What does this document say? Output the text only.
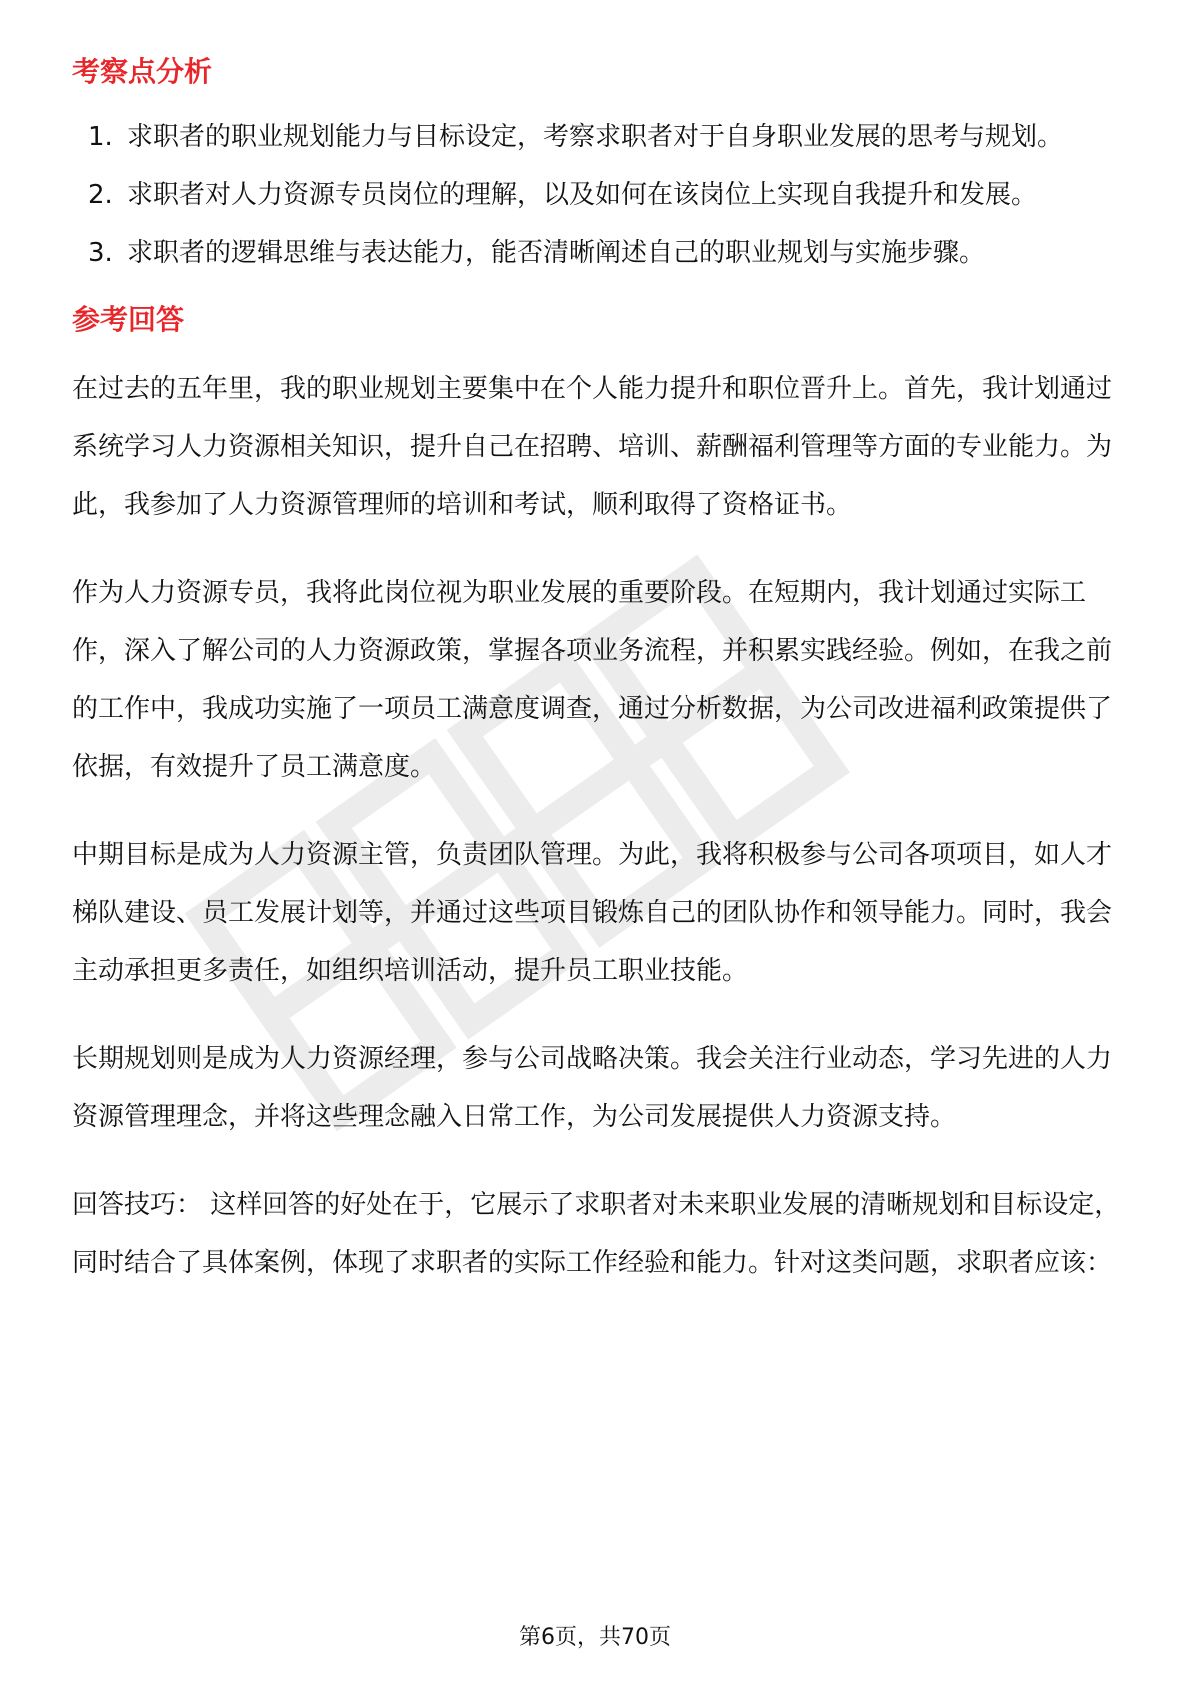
考察点分析
1. 求职者的职业规划能力与目标设定，考察求职者对于自身职业发展的思考与规划。
2. 求职者对人力资源专员岗位的理解，以及如何在该岗位上实现自我提升和发展。
3. 求职者的逻辑思维与表达能力，能否清晰阐述自己的职业规划与实施步骤。
参考回答

在过去的五年里，我的职业规划主要集中在个人能力提升和职位晋升上。首先，我计划通过系统学习人力资源相关知识，提升自己在招聘、培训、薪酬福利管理等方面的专业能力。为此，我参加了人力资源管理师的培训和考试，顺利取得了资格证书。

作为人力资源专员，我将此岗位视为职业发展的重要阶段。在短期内，我计划通过实际工作，深入了解公司的人力资源政策，掌握各项业务流程，并积累实践经验。例如，在我之前的工作中，我成功实施了一项员工满意度调查，通过分析数据，为公司改进福利政策提供了依据，有效提升了员工满意度。

中期目标是成为人力资源主管，负责团队管理。为此，我将积极参与公司各项项目，如人才梯队建设、员工发展计划等，并通过这些项目锻炼自己的团队协作和领导能力。同时，我会主动承担更多责任，如组织培训活动，提升员工职业技能。

长期规划则是成为人力资源经理，参与公司战略决策。我会关注行业动态，学习先进的人力资源管理理念，并将这些理念融入日常工作，为公司发展提供人力资源支持。

回答技巧： 这样回答的好处在于，它展示了求职者对未来职业发展的清晰规划和目标设定，同时结合了具体案例，体现了求职者的实际工作经验和能力。针对这类问题，求职者应该：

第6页，共70页
